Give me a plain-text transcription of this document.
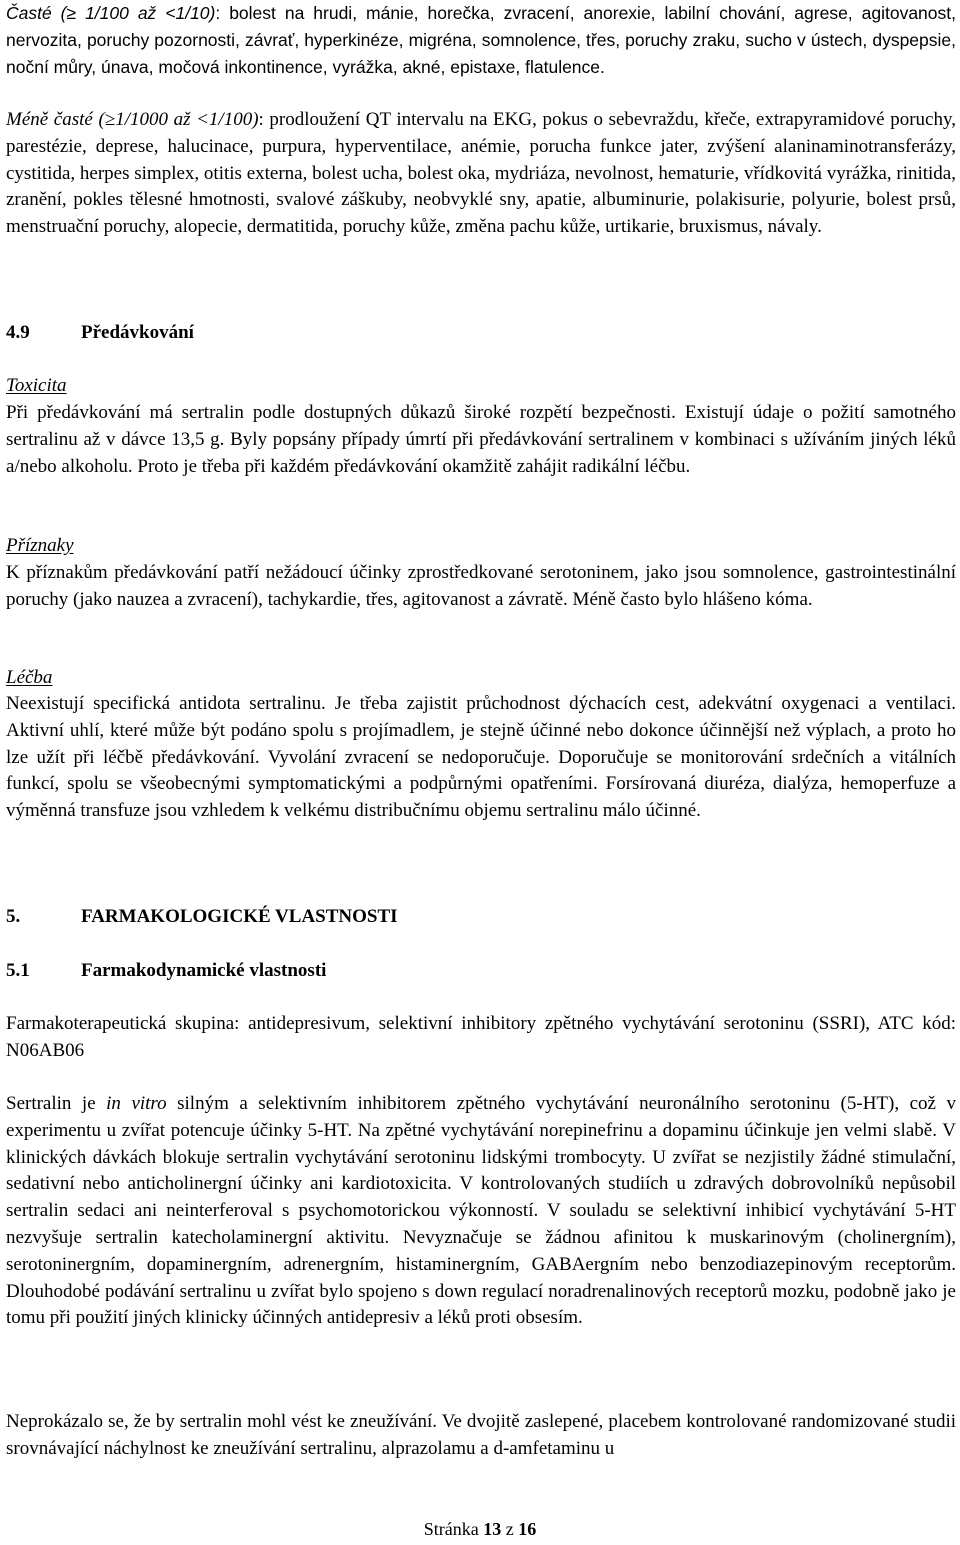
Časté (≥ 1/100 až <1/10): bolest na hrudi, mánie, horečka, zvracení, anorexie, labilní chování, agrese, agitovanost, nervozita, poruchy pozornosti, závrať, hyperkinéze, migréna, somnolence, třes, poruchy zraku, sucho v ústech, dyspepsie, noční můry, únava, močová inkontinence, vyrážka, akné, epistaxe, flatulence.

Méně časté (≥1/1000 až <1/100): prodloužení QT intervalu na EKG, pokus o sebevraždu, křeče, extrapyramidové poruchy, parestézie, deprese, halucinace, purpura, hyperventilace, anémie, porucha funkce jater, zvýšení alaninaminotransferázy, cystitida, herpes simplex, otitis externa, bolest ucha, bolest oka, mydriáza, nevolnost, hematurie, vřídkovitá vyrážka, rinitida, zranění, pokles tělesné hmotnosti, svalové záškuby, neobvyklé sny, apatie, albuminurie, polakisurie, polyurie, bolest prsů, menstruační poruchy, alopecie, dermatitida, poruchy kůže, změna pachu kůže, urtikarie, bruxismus, návaly.

4.9	Předávkování

Toxicita

Při předávkování má sertralin podle dostupných důkazů široké rozpětí bezpečnosti. Existují údaje o požití samotného sertralinu až v dávce 13,5 g. Byly popsány případy úmrtí při předávkování sertralinem v kombinaci s užíváním jiných léků a/nebo alkoholu. Proto je třeba při každém předávkování okamžitě zahájit radikální léčbu.

Příznaky

K příznakům předávkování patří nežádoucí účinky zprostředkované serotoninem, jako jsou somnolence, gastrointestinální poruchy (jako nauzea a zvracení), tachykardie, třes, agitovanost a závratě. Méně často bylo hlášeno kóma.

Léčba

Neexistují specifická antidota sertralinu. Je třeba zajistit průchodnost dýchacích cest, adekvátní oxygenaci a ventilaci. Aktivní uhlí, které může být podáno spolu s projímadlem, je stejně účinné nebo dokonce účinnější než výplach, a proto ho lze užít při léčbě předávkování. Vyvolání zvracení se nedoporučuje. Doporučuje se monitorování srdečních a vitálních funkcí, spolu se všeobecnými symptomatickými a podpůrnými opatřeními. Forsírovaná diuréza, dialýza, hemoperfuze a výměnná transfuze jsou vzhledem k velkému distribučnímu objemu sertralinu málo účinné.

5.	FARMAKOLOGICKÉ VLASTNOSTI

5.1	Farmakodynamické vlastnosti

Farmakoterapeutická skupina: antidepresivum, selektivní inhibitory zpětného vychytávání serotoninu (SSRI), ATC kód: N06AB06

Sertralin je in vitro silným a selektivním inhibitorem zpětného vychytávání neuronálního serotoninu (5-HT), což v experimentu u zvířat potencuje účinky 5-HT. Na zpětné vychytávání norepinefrinu a dopaminu účinkuje jen velmi slabě. V klinických dávkách blokuje sertralin vychytávání serotoninu lidskými trombocyty. U zvířat se nezjistily žádné stimulační, sedativní nebo anticholinergní účinky ani kardiotoxicita. V kontrolovaných studiích u zdravých dobrovolníků nepůsobil sertralin sedaci ani neinterferoval s psychomotorickou výkonností. V souladu se selektivní inhibicí vychytávání 5-HT nezvyšuje sertralin katecholaminergní aktivitu. Nevyznačuje se žádnou afinitou k muskarinovým (cholinergním), serotoninergním, dopaminergním, adrenergním, histaminergním, GABAergním nebo benzodiazepinovým receptorům. Dlouhodobé podávání sertralinu u zvířat bylo spojeno s down regulací noradrenalinových receptorů mozku, podobně jako je tomu při použití jiných klinicky účinných antidepresiv a léků proti obsesím.

Neprokázalo se, že by sertralin mohl vést ke zneužívání. Ve dvojitě zaslepené, placebem kontrolované randomizované studii srovnávající náchylnost ke zneužívání sertralinu, alprazolamu a d-amfetaminu u

Stránka 13 z 16
